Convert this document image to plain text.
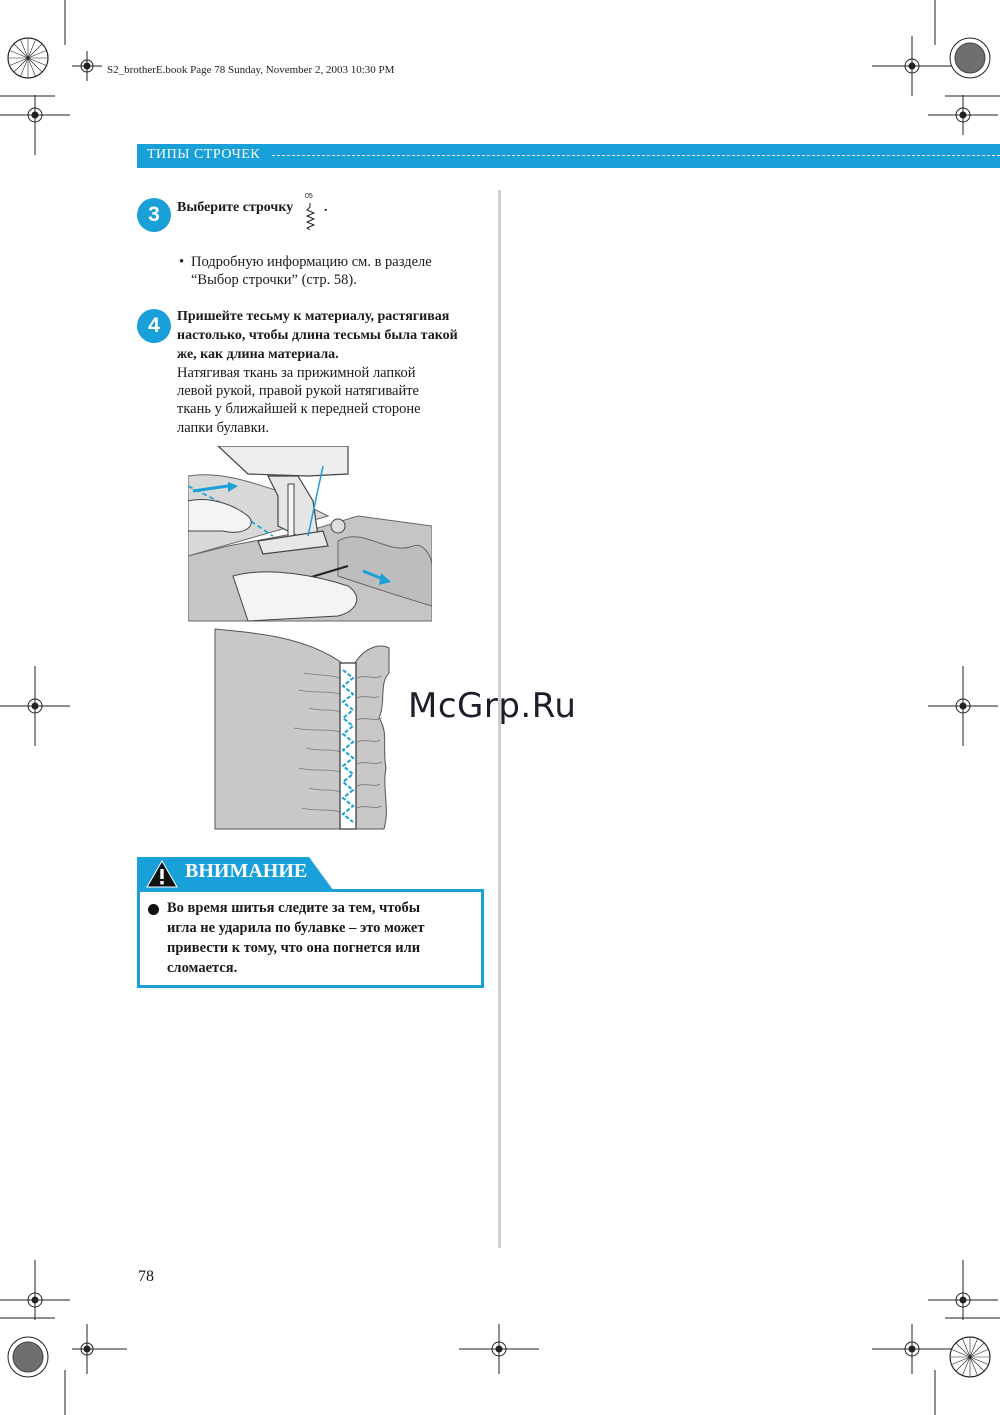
S2_brotherE.book Page 78 Sunday, November 2, 2003 10:30 PM
ТИПЫ СТРОЧЕК
3	Выберите строчку
05
.
• Подробную информацию см. в разделе
“Выбор строчки” (стр. 58).
4	Пришейте тесьму к материалу, растягивая
настолько, чтобы длина тесьмы была такой
же, как длина материала.
Натягивая ткань за прижимной лапкой
левой рукой, правой рукой натягивайте
ткань у ближайшей к передней стороне
лапки булавки.
ВНИМАНИЕ
Во время шитья следите за тем, чтобы
игла не ударила по булавке – это может
привести к тому, что она погнется или
сломается.
McGrp.Ru
78
